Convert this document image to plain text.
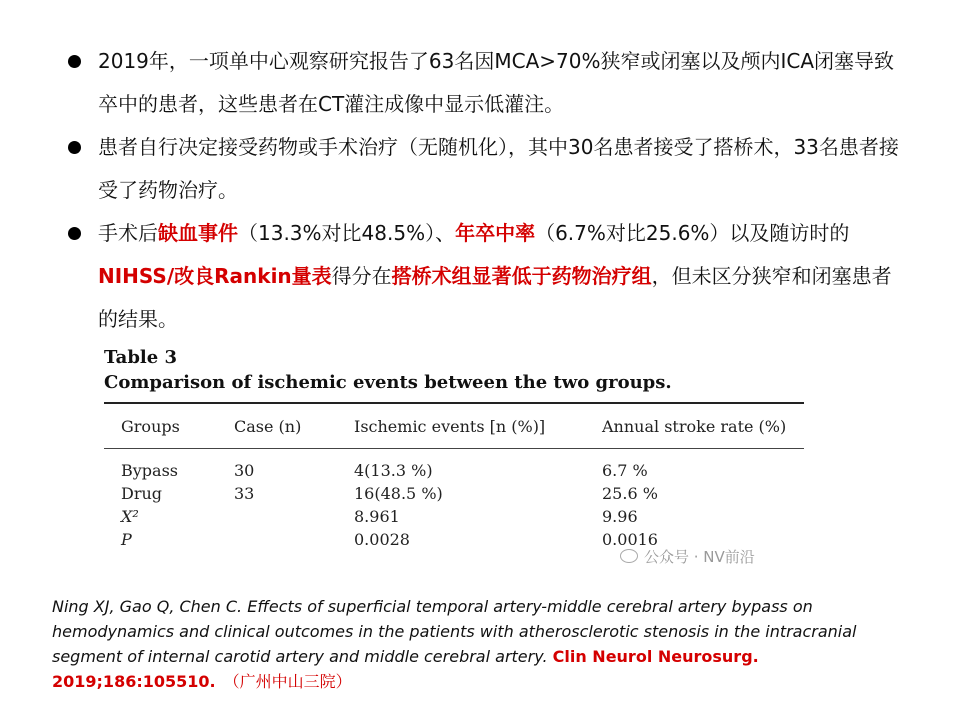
2019年，一项单中心观察研究报告了63名因MCA>70%狭窄或闭塞以及颅内ICA闭塞导致卒中的患者，这些患者在CT灌注成像中显示低灌注。
患者自行决定接受药物或手术治疗（无随机化），其中30名患者接受了搭桥术，33名患者接受了药物治疗。
手术后缺血事件（13.3%对比48.5%）、年卒中率（6.7%对比25.6%）以及随访时的NIHSS/改良Rankin量表得分在搭桥术组显著低于药物治疗组，但未区分狭窄和闭塞患者的结果。
Table 3
Comparison of ischemic events between the two groups.
Groups	Case (n)	Ischemic events [n (%)]	Annual stroke rate (%)
Bypass	30	4(13.3 %)	6.7 %
Drug	33	16(48.5 %)	25.6 %
X²		8.961	9.96
P		0.0028	0.0016
公众号 · NV前沿
Ning XJ, Gao Q, Chen C. Effects of superficial temporal artery-middle cerebral artery bypass on hemodynamics and clinical outcomes in the patients with atherosclerotic stenosis in the intracranial segment of internal carotid artery and middle cerebral artery. Clin Neurol Neurosurg.
2019;186:105510. （广州中山三院）
